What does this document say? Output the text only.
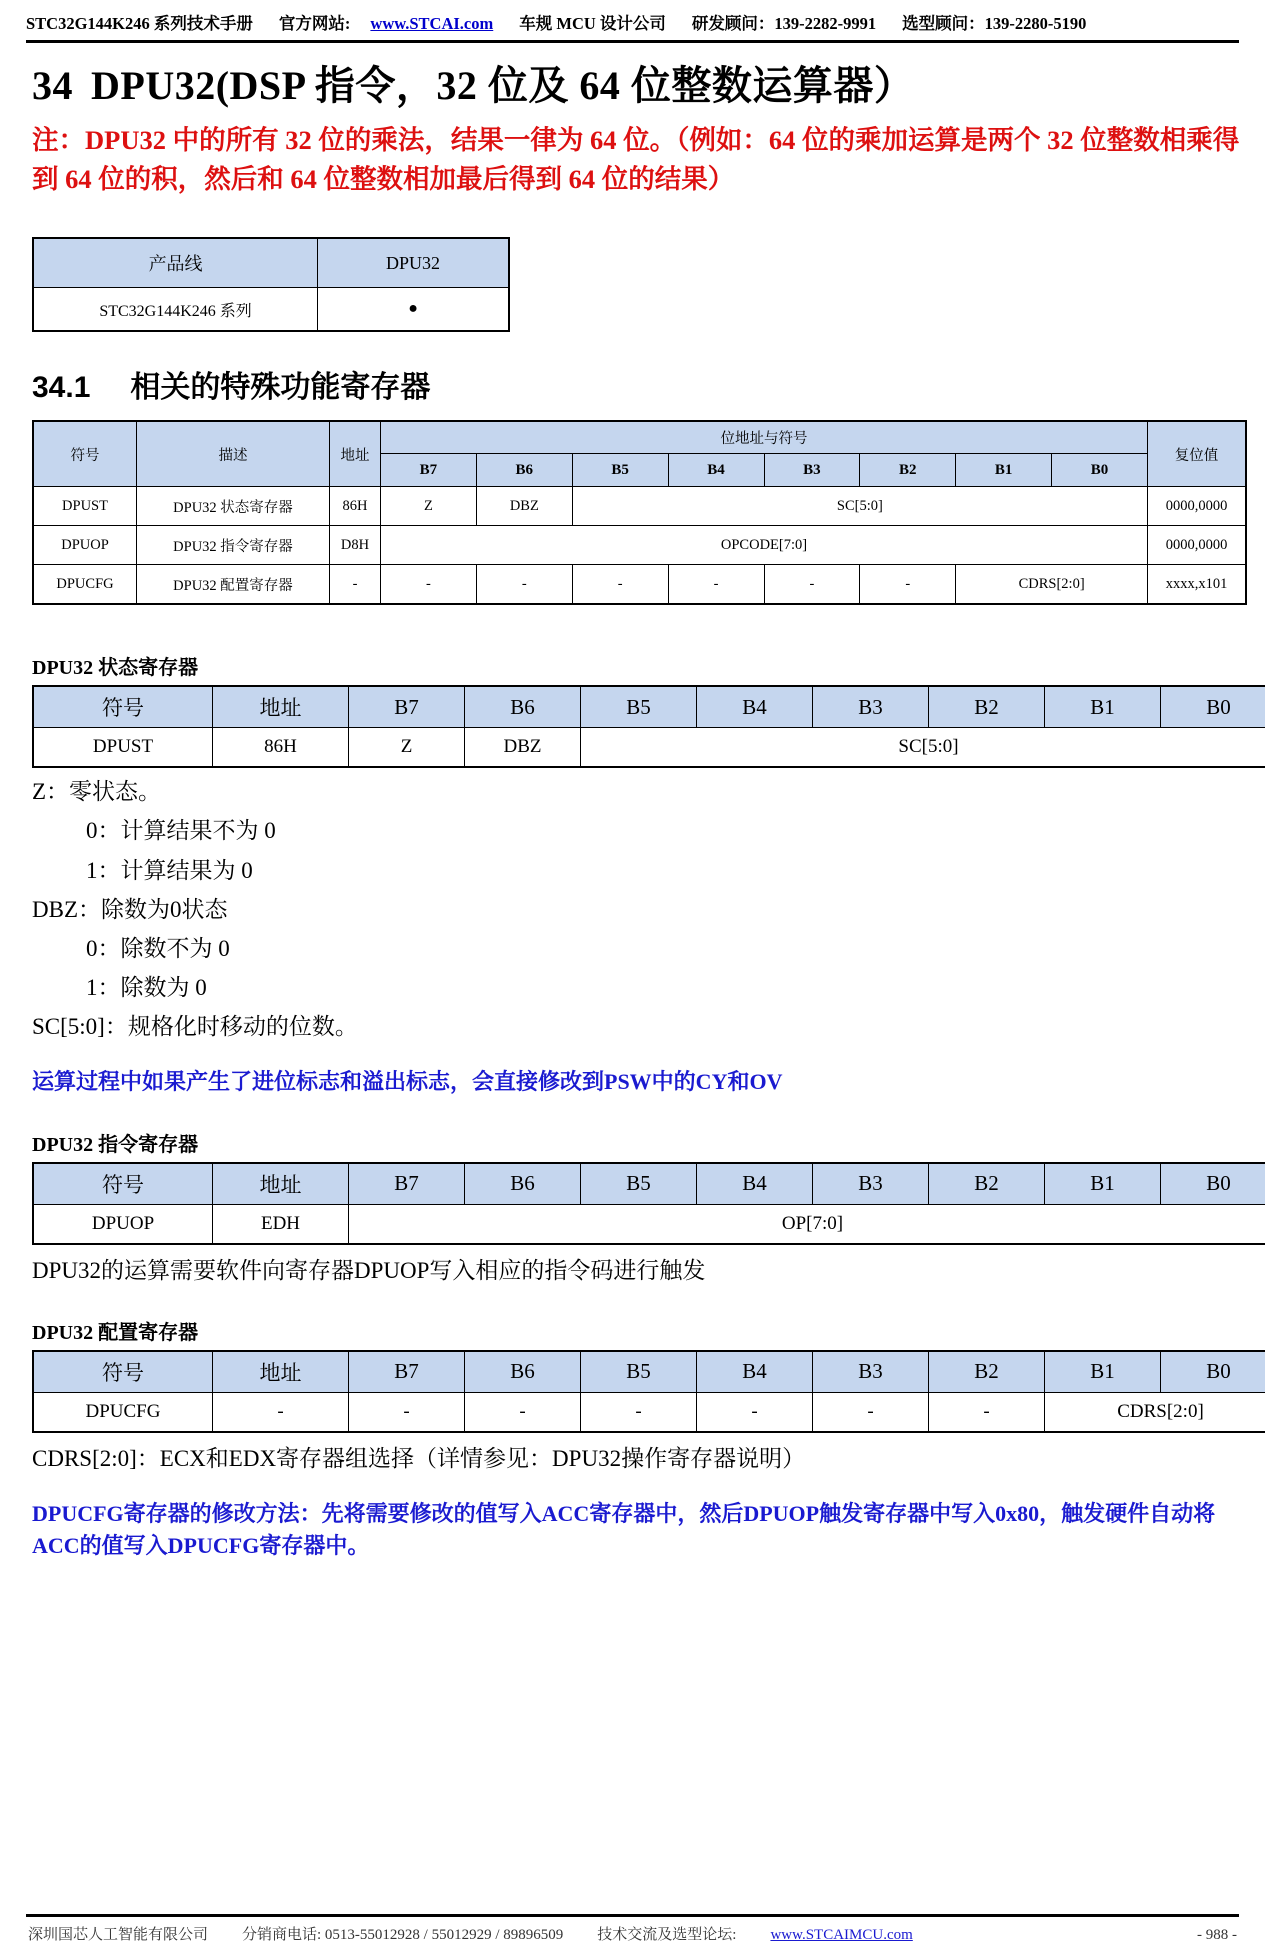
STC32G144K246 系列技术手册 官方网站: www.STCAI.com 车规 MCU 设计公司 研发顾问：139-2282-9991 选型顾问：139-2280-5190
34 DPU32(DSP 指令，32 位及 64 位整数运算器）
注：DPU32 中的所有 32 位的乘法，结果一律为 64 位。（例如：64 位的乘加运算是两个 32 位整数相乘得到 64 位的积，然后和 64 位整数相加最后得到 64 位的结果）
产品线	DPU32
STC32G144K246 系列	●
34.1 相关的特殊功能寄存器
符号	描述	地址	位地址与符号								复位值
			B7	B6	B5	B4	B3	B2	B1	B0	
DPUST	DPU32 状态寄存器	86H	Z	DBZ	SC[5:0]						0000,0000
DPUOP	DPU32 指令寄存器	D8H	OPCODE[7:0]								0000,0000
DPUCFG	DPU32 配置寄存器	-	-	-	-	-	-	-	CDRS[2:0]		xxxx,x101
DPU32 状态寄存器
符号	地址	B7	B6	B5	B4	B3	B2	B1	B0
DPUST	86H	Z	DBZ	SC[5:0]					
Z：零状态。
0：计算结果不为 0
1：计算结果为 0
DBZ：除数为0状态
0：除数不为 0
1：除数为 0
SC[5:0]：规格化时移动的位数。
运算过程中如果产生了进位标志和溢出标志，会直接修改到PSW中的CY和OV
DPU32 指令寄存器
符号	地址	B7	B6	B5	B4	B3	B2	B1	B0
DPUOP	EDH	OP[7:0]							
DPU32的运算需要软件向寄存器DPUOP写入相应的指令码进行触发
DPU32 配置寄存器
符号	地址	B7	B6	B5	B4	B3	B2	B1	B0
DPUCFG	-	-	-	-	-	-	-	CDRS[2:0]	
CDRS[2:0]：ECX和EDX寄存器组选择（详情参见：DPU32操作寄存器说明）
DPUCFG寄存器的修改方法：先将需要修改的值写入ACC寄存器中，然后DPUOP触发寄存器中写入0x80，触发硬件自动将ACC的值写入DPUCFG寄存器中。
深圳国芯人工智能有限公司 分销商电话: 0513-55012928 / 55012929 / 89896509 技术交流及选型论坛: www.STCAIMCU.com	- 988 -
